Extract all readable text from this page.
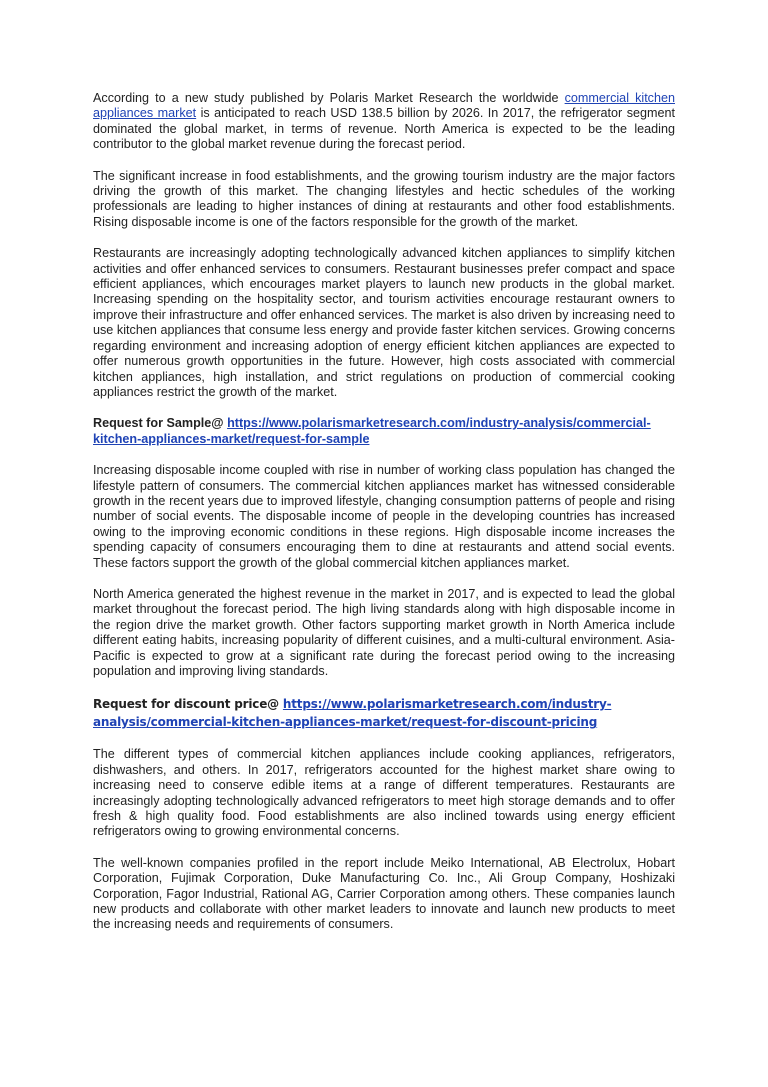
According to a new study published by Polaris Market Research the worldwide commercial kitchen appliances market is anticipated to reach USD 138.5 billion by 2026. In 2017, the refrigerator segment dominated the global market, in terms of revenue. North America is expected to be the leading contributor to the global market revenue during the forecast period.

The significant increase in food establishments, and the growing tourism industry are the major factors driving the growth of this market. The changing lifestyles and hectic schedules of the working professionals are leading to higher instances of dining at restaurants and other food establishments. Rising disposable income is one of the factors responsible for the growth of the market.

Restaurants are increasingly adopting technologically advanced kitchen appliances to simplify kitchen activities and offer enhanced services to consumers. Restaurant businesses prefer compact and space efficient appliances, which encourages market players to launch new products in the global market. Increasing spending on the hospitality sector, and tourism activities encourage restaurant owners to improve their infrastructure and offer enhanced services. The market is also driven by increasing need to use kitchen appliances that consume less energy and provide faster kitchen services. Growing concerns regarding environment and increasing adoption of energy efficient kitchen appliances are expected to offer numerous growth opportunities in the future. However, high costs associated with commercial kitchen appliances, high installation, and strict regulations on production of commercial cooking appliances restrict the growth of the market.

Request for Sample@ https://www.polarismarketresearch.com/industry-analysis/commercial-kitchen-appliances-market/request-for-sample

Increasing disposable income coupled with rise in number of working class population has changed the lifestyle pattern of consumers. The commercial kitchen appliances market has witnessed considerable growth in the recent years due to improved lifestyle, changing consumption patterns of people and rising number of social events. The disposable income of people in the developing countries has increased owing to the improving economic conditions in these regions. High disposable income increases the spending capacity of consumers encouraging them to dine at restaurants and attend social events. These factors support the growth of the global commercial kitchen appliances market.

North America generated the highest revenue in the market in 2017, and is expected to lead the global market throughout the forecast period. The high living standards along with high disposable income in the region drive the market growth. Other factors supporting market growth in North America include different eating habits, increasing popularity of different cuisines, and a multi-cultural environment. Asia-Pacific is expected to grow at a significant rate during the forecast period owing to the increasing population and improving living standards.

Request for discount price@ https://www.polarismarketresearch.com/industry-analysis/commercial-kitchen-appliances-market/request-for-discount-pricing

The different types of commercial kitchen appliances include cooking appliances, refrigerators, dishwashers, and others. In 2017, refrigerators accounted for the highest market share owing to increasing need to conserve edible items at a range of different temperatures. Restaurants are increasingly adopting technologically advanced refrigerators to meet high storage demands and to offer fresh & high quality food. Food establishments are also inclined towards using energy efficient refrigerators owing to growing environmental concerns.

The well-known companies profiled in the report include Meiko International, AB Electrolux, Hobart Corporation, Fujimak Corporation, Duke Manufacturing Co. Inc., Ali Group Company, Hoshizaki Corporation, Fagor Industrial, Rational AG, Carrier Corporation among others. These companies launch new products and collaborate with other market leaders to innovate and launch new products to meet the increasing needs and requirements of consumers.
